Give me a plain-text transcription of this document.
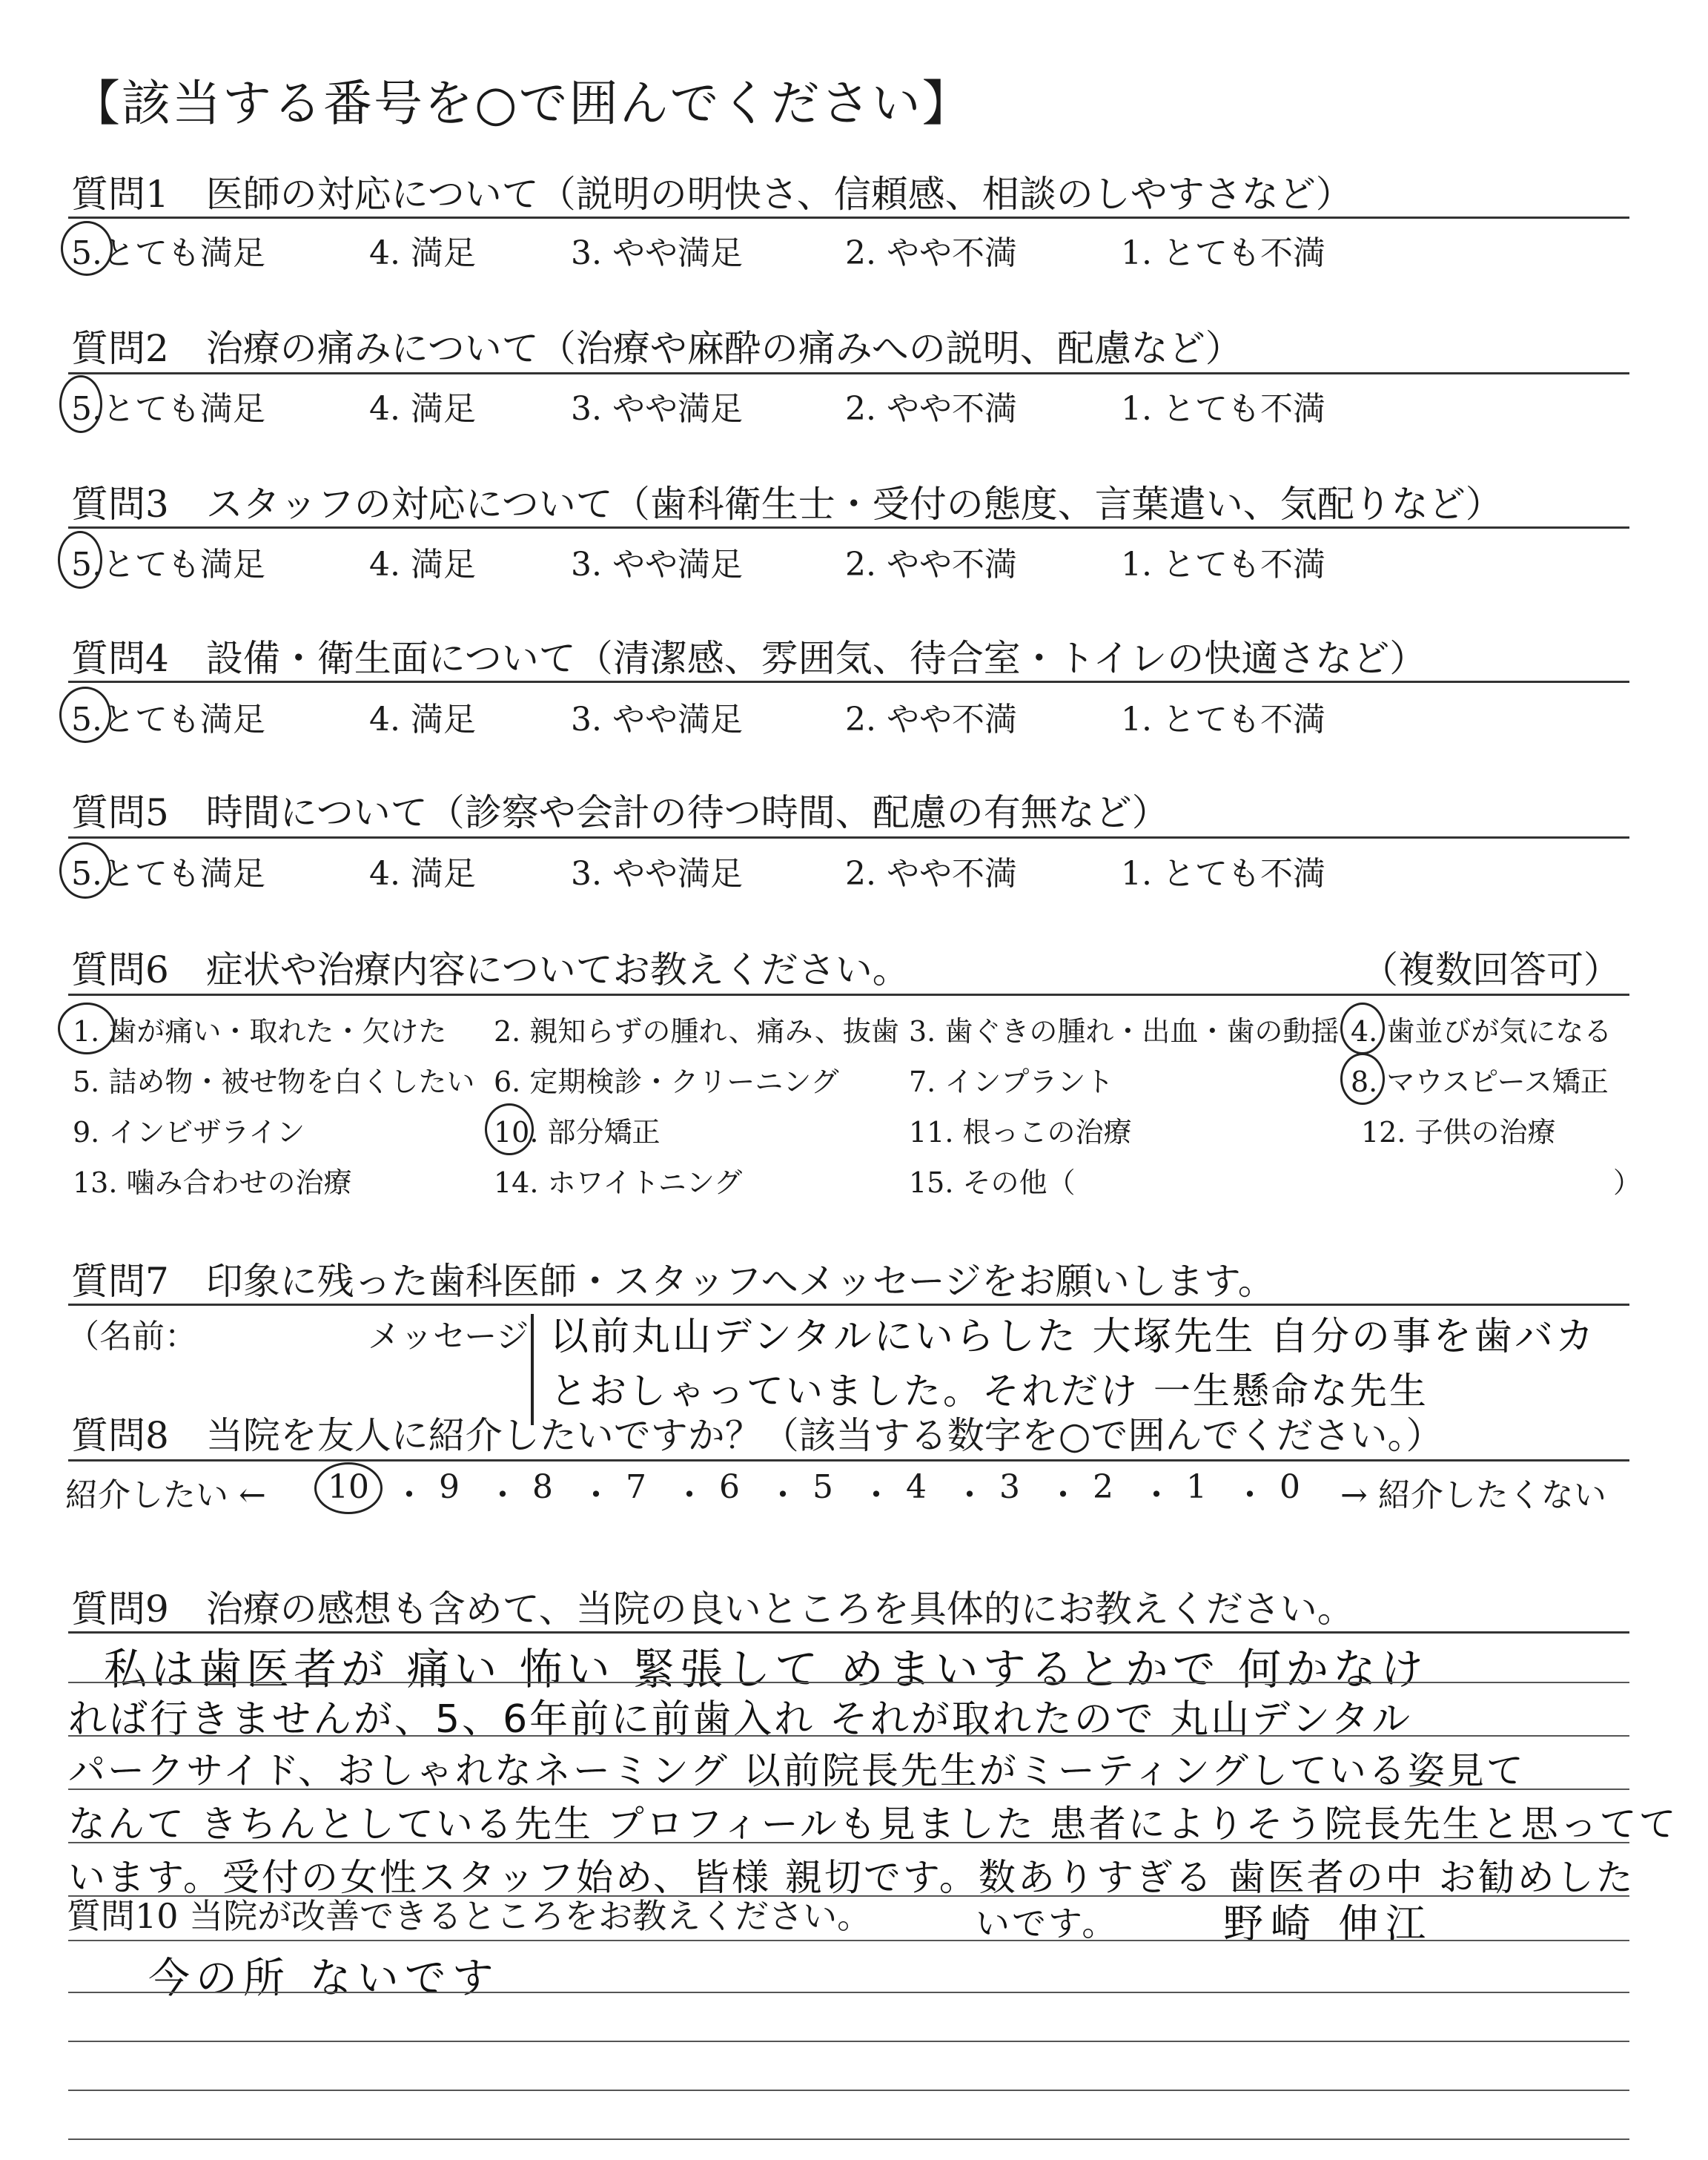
【該当する番号を○で囲んでください】
質問1　医師の対応について（説明の明快さ、信頼感、相談のしやすさなど）
5.とても満足	4. 満足	3. やや満足	2. やや不満	1. とても不満
質問2　治療の痛みについて（治療や麻酔の痛みへの説明、配慮など）
5.とても満足	4. 満足	3. やや満足	2. やや不満	1. とても不満
質問3　スタッフの対応について（歯科衛生士・受付の態度、言葉遣い、気配りなど）
5.とても満足	4. 満足	3. やや満足	2. やや不満	1. とても不満
質問4　設備・衛生面について（清潔感、雰囲気、待合室・トイレの快適さなど）
5.とても満足	4. 満足	3. やや満足	2. やや不満	1. とても不満
質問5　時間について（診察や会計の待つ時間、配慮の有無など）
5.とても満足	4. 満足	3. やや満足	2. やや不満	1. とても不満
質問6　症状や治療内容についてお教えください。	（複数回答可）
1. 歯が痛い・取れた・欠けた 2. 親知らずの腫れ、痛み、抜歯 3. 歯ぐきの腫れ・出血・歯の動揺 4. 歯並びが気になる
5. 詰め物・被せ物を白くしたい 6. 定期検診・クリーニング 7. インプラント	8. マウスピース矯正
9. インビザライン	10. 部分矯正	11. 根っこの治療	12. 子供の治療
13. 噛み合わせの治療	14. ホワイトニング	15. その他（	）
質問7　印象に残った歯科医師・スタッフへメッセージをお願いします。
（名前：	メッセージ 以前丸山デンタルにいらした 大塚先生 自分の事を歯バカ
とおしゃっていました。それだけ 一生懸命な先生
質問8　当院を友人に紹介したいですか？（該当する数字を○で囲んでください。）
紹介したい ← 10 ・ 9 ・ 8 ・ 7 ・ 6 ・ 5 ・ 4 ・ 3 ・ 2 ・ 1 ・ 0 → 紹介したくない
質問9　治療の感想も含めて、当院の良いところを具体的にお教えください。
私は歯医者が 痛い 怖い 緊張して めまいするとかで 何かなけ
れば行きませんが、5、6年前に前歯入れ それが取れたので 丸山デンタル
パークサイド、おしゃれなネーミング 以前院長先生がミーティングしている姿見て
なんて きちんとしている先生 プロフィールも見ました 患者によりそう院長先生と思ってて
います。受付の女性スタッフ始め、皆様 親切です。数ありすぎる 歯医者の中 お勧めした
いです。	野崎 伸江
質問10 当院が改善できるところをお教えください。
今の所 ないです
